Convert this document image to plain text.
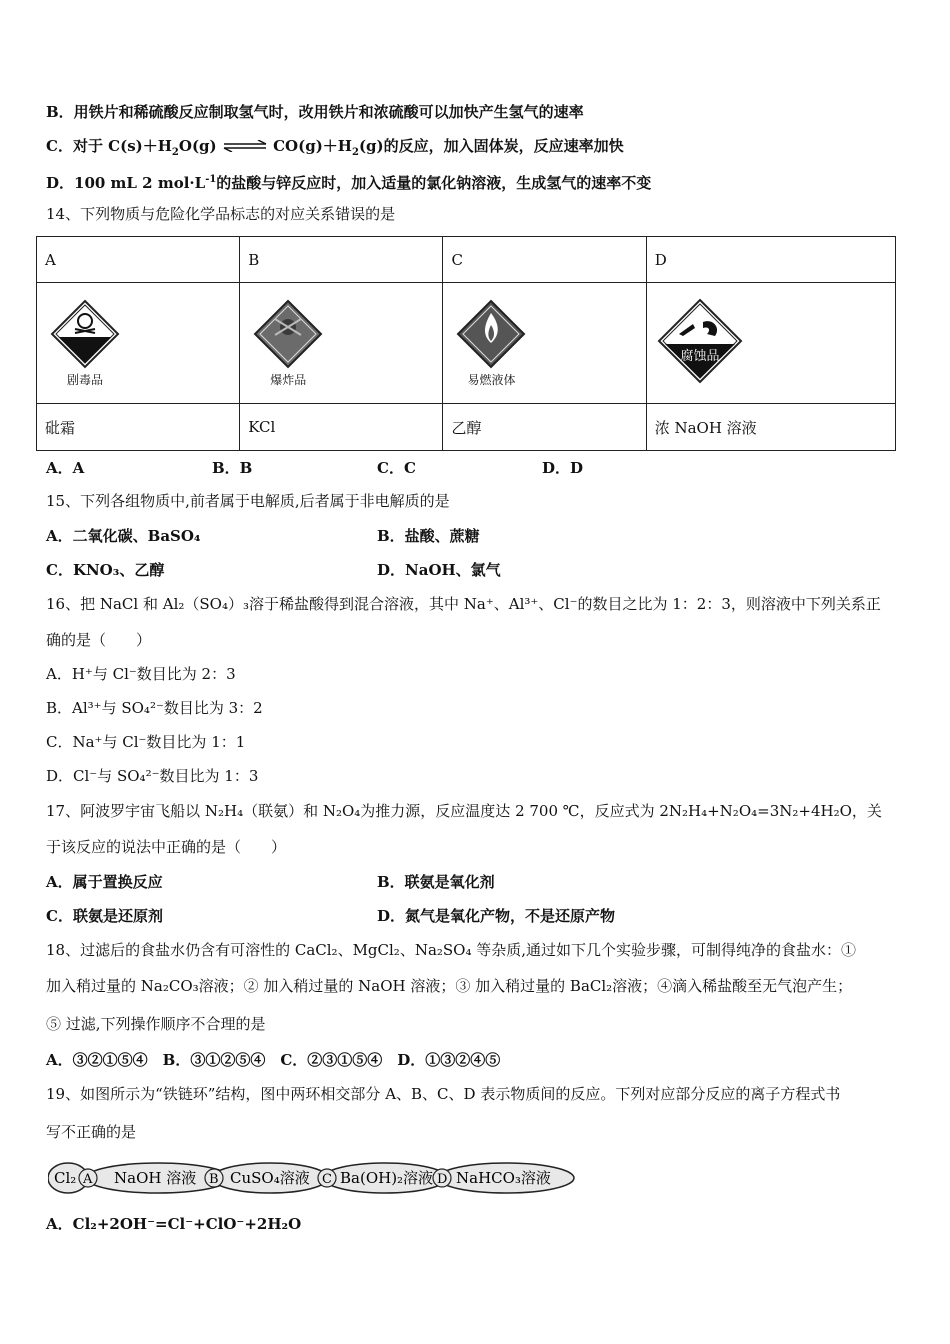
B．用铁片和稀硫酸反应制取氢气时，改用铁片和浓硫酸可以加快产生氢气的速率
C．对于 $C(s)+H_2O(g)$ ⇌ $CO(g)+H_2(g)$的反应，加入固体炭，反应速率加快
D．100 mL 2 $mol\cdot L^{-1}$的盐酸与锌反应时，加入适量的氯化钠溶液，生成氢气的速率不变
14、下列物质与危险化学品标志的对应关系错误的是
A	B	C	D

剧毒品	爆炸品	易燃液体	腐蚀品

砒霜	KCl	乙醇	浓 NaOH 溶液
A．A	B．B	C．C	D．D
15、下列各组物质中,前者属于电解质,后者属于非电解质的是
A．二氧化碳、BaSO₄	B．盐酸、蔗糖
C．KNO₃、乙醇	D．NaOH、氯气
16、把 NaCl 和 Al₂（SO₄）₃溶于稀盐酸得到混合溶液，其中 Na⁺、Al³⁺、Cl⁻的数目之比为 1：2：3，则溶液中下列关系正
确的是（　　）
A．H⁺与 Cl⁻数目比为 2：3
B．Al³⁺与 SO₄²⁻数目比为 3：2
C．Na⁺与 Cl⁻数目比为 1：1
D．Cl⁻与 SO₄²⁻数目比为 1：3
17、阿波罗宇宙飞船以 N₂H₄（联氨）和 N₂O₄为推力源，反应温度达 2 700 ℃，反应式为 2N₂H₄+N₂O₄=3N₂+4H₂O，关
于该反应的说法中正确的是（　　）
A．属于置换反应	B．联氨是氧化剂
C．联氨是还原剂	D．氮气是氧化产物，不是还原产物
18、过滤后的食盐水仍含有可溶性的 CaCl₂、MgCl₂、Na₂SO₄ 等杂质,通过如下几个实验步骤，可制得纯净的食盐水：①
加入稍过量的 Na₂CO₃溶液；② 加入稍过量的 NaOH 溶液；③ 加入稍过量的 BaCl₂溶液；④滴入稀盐酸至无气泡产生；
⑤ 过滤,下列操作顺序不合理的是
A．③②①⑤④　B．③①②⑤④　C．②③①⑤④　D．①③②④⑤
19、如图所示为“铁链环”结构，图中两环相交部分 A、B、C、D 表示物质间的反应。下列对应部分反应的离子方程式书
写不正确的是
Cl₂	NaOH 溶液 CuSO₄溶液 Ba(OH)₂溶液 NaHCO₃溶液
A	B	C	D
A．Cl₂+2OH⁻=Cl⁻+ClO⁻+2H₂O
